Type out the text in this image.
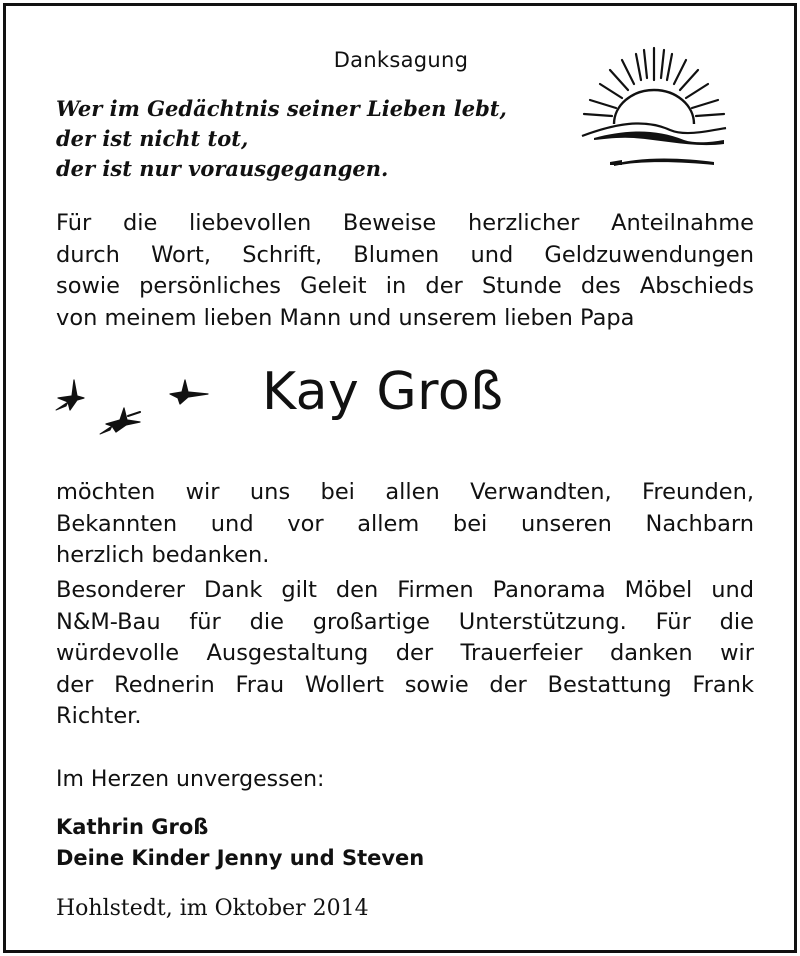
Danksagung
Wer im Gedächtnis seiner Lieben lebt,
der ist nicht tot,
der ist nur vorausgegangen.
Für die liebevollen Beweise herzlicher Anteilnahme
durch Wort, Schrift, Blumen und Geldzuwendungen
sowie persönliches Geleit in der Stunde des Abschieds
von meinem lieben Mann und unserem lieben Papa
Kay Groß
möchten wir uns bei allen Verwandten, Freunden,
Bekannten und vor allem bei unseren Nachbarn
herzlich bedanken.
Besonderer Dank gilt den Firmen Panorama Möbel und
N&M-Bau für die großartige Unterstützung. Für die
würdevolle Ausgestaltung der Trauerfeier danken wir
der Rednerin Frau Wollert sowie der Bestattung Frank
Richter.
Im Herzen unvergessen:
Kathrin Groß
Deine Kinder Jenny und Steven
Hohlstedt, im Oktober 2014
